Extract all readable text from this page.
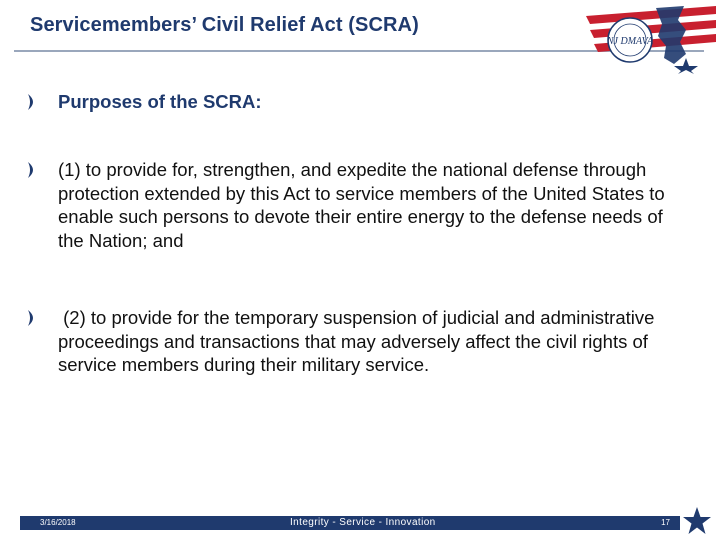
Servicemembers’ Civil Relief Act (SCRA)
NJ DMAVA
Purposes of the SCRA:
(1) to provide for, strengthen, and expedite the national defense through protection extended by this Act to service members of the United States to enable such persons to devote their entire energy to the defense needs of the Nation; and
(2) to provide for the temporary suspension of judicial and administrative proceedings and transactions that may adversely affect the civil rights of service members during their military service.
3/16/2018	Integrity - Service - Innovation	17
